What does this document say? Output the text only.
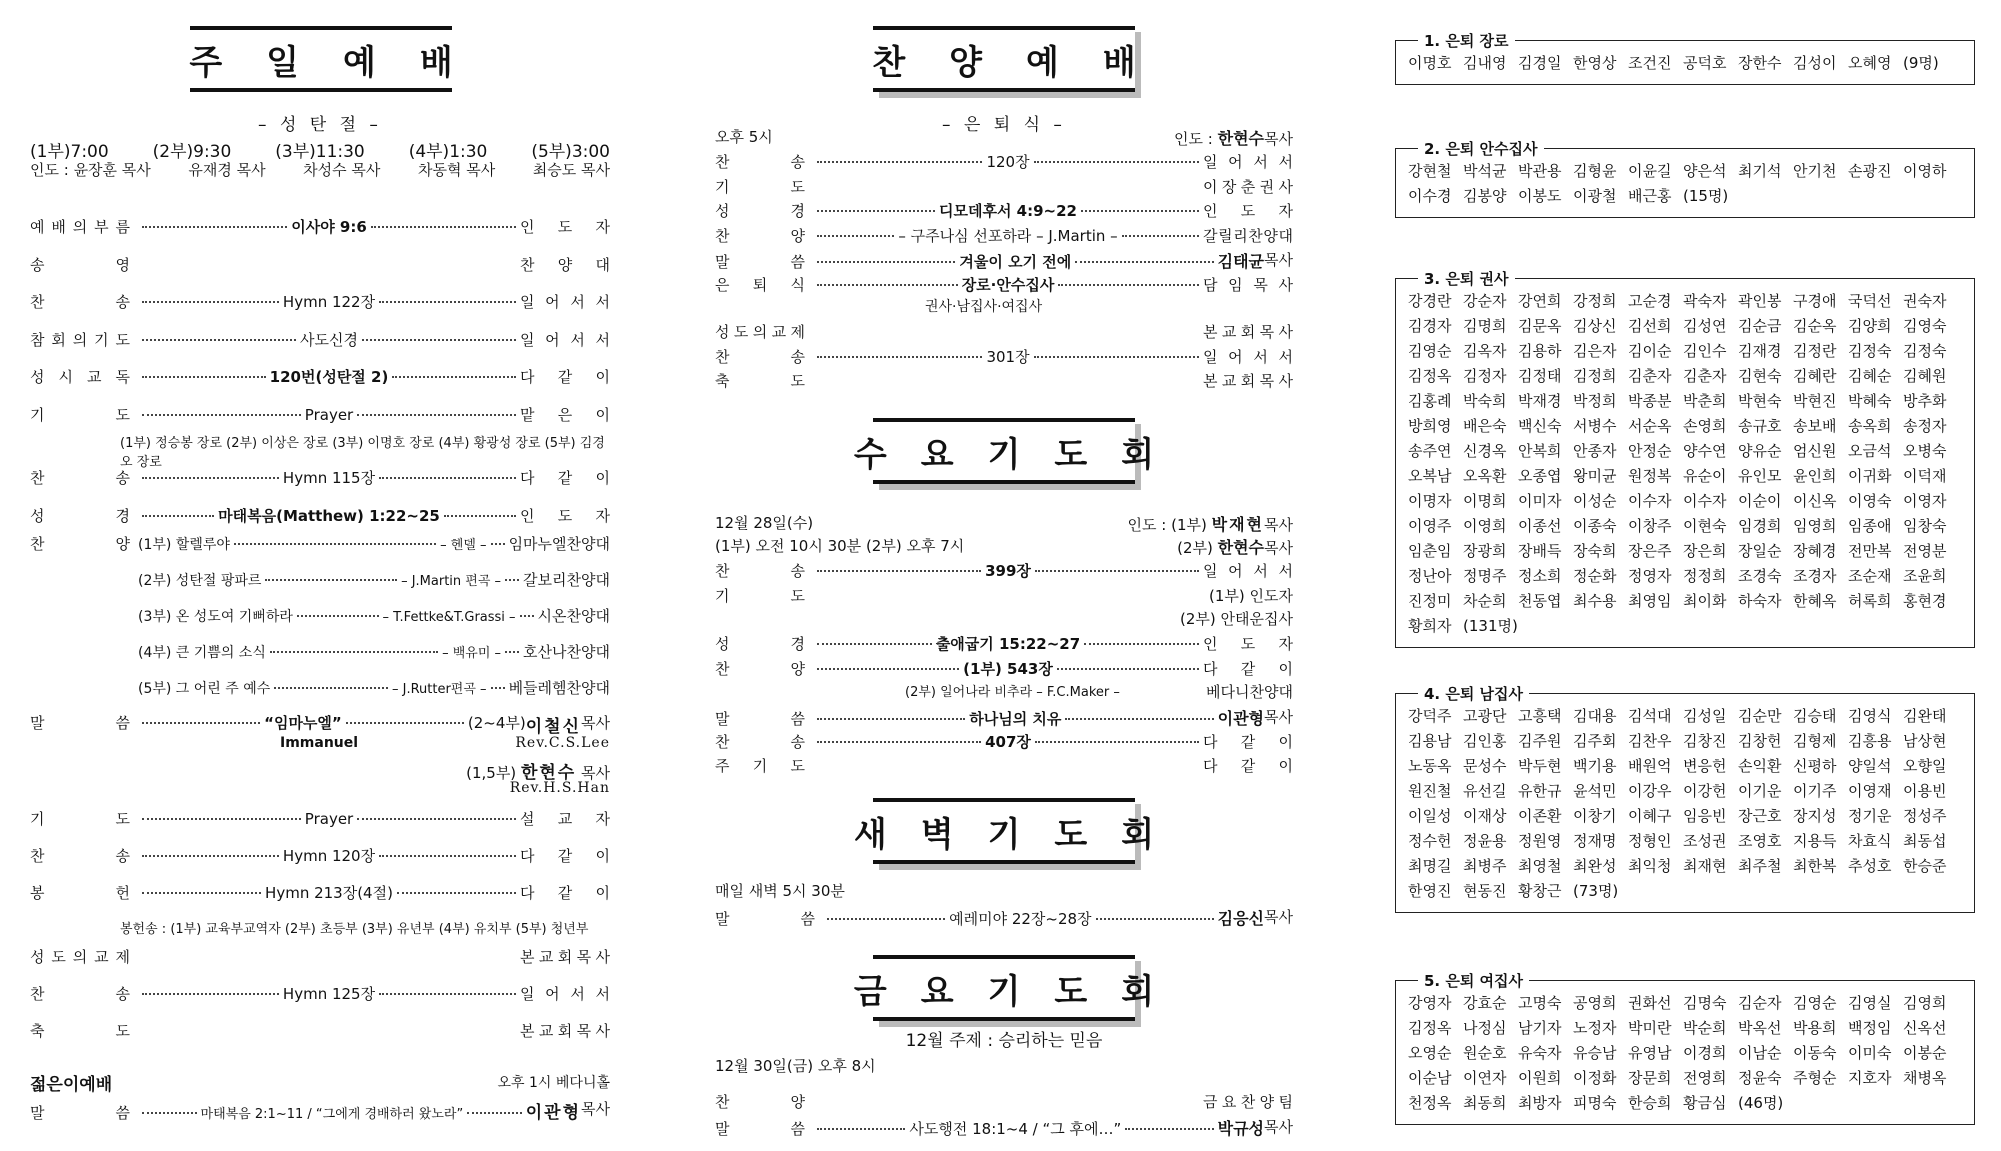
주일예배
– 성 탄 절 –
(1부)7:00	(2부)9:30	(3부)11:30	(4부)1:30	(5부)3:00
인도 : 윤장훈 목사	유재경 목사	차성수 목사	차동혁 목사	최승도 목사
예 배 의 부 름	이사야 9:6	인 도 자
송	영	찬 양 대
찬	송	Hymn 122장	일 어 서 서
참 회 의 기 도	사도신경	일 어 서 서
성 시 교 독	120번(성탄절 2)	다 같 이
기	도	Prayer	맡 은 이
찬	송	Hymn 115장	다 같 이
성	경	마태복음(Matthew) 1:22~25	인 도 자
(1부) 정승봉 장로 (2부) 이상은 장로 (3부) 이명호 장로 (4부) 황광성 장로 (5부) 김경오 장로
찬	양 (1부) 할렐루야	– 헨델 – 임마누엘찬양대
(2부) 성탄절 팡파르	– J.Martin 편곡 – 갈보리찬양대
(3부) 온 성도여 기뻐하라	– T.Fettke&T.Grassi – 시온찬양대
(4부) 큰 기쁨의 소식	– 백유미 – 호산나찬양대
(5부) 그 어린 주 예수	– J.Rutter편곡 – 베들레헴찬양대
말	씀	“임마누엘”	(2~4부) 이철신 목사
Immanuel	Rev.C.S.Lee
(1,5부) 한현수 목사
Rev.H.S.Han
기	도	Prayer	설 교 자
찬	송	Hymn 120장	다 같 이
봉	헌	Hymn 213장(4절)	다 같 이
봉헌송 : (1부) 교육부교역자 (2부) 초등부 (3부) 유년부 (4부) 유치부 (5부) 청년부
성 도 의 교 제	본 교 회 목 사
찬	송	Hymn 125장	일 어 서 서
축	도	본 교 회 목 사
젊은이예배	오후 1시 베다니홀
말	씀	마태복음 2:1~11 / “그에게 경배하러 왔노라”	이관형 목사
찬양예배
– 은 퇴 식 –
오후 5시	인도 : 한현수목사
찬	송	120장	일 어 서 서
기	도	이 장 춘 권 사
성	경	디모데후서 4:9~22	인 도 자
찬	양	– 구주나심 선포하라 – J.Martin –	갈 릴 리 찬 양 대
말	씀	겨울이 오기 전에	김태균 목사
은 퇴 식	장로·안수집사	담 임 목 사
권사·남집사·여집사
성 도 의 교 제	본 교 회 목 사
찬	송	301장	일 어 서 서
축	도	본 교 회 목 사
수요기도회
12월 28일(수)	인도 : (1부) 박재현목사
(1부) 오전 10시 30분 (2부) 오후 7시	(2부) 한현수목사
찬	송	399장	일 어 서 서
기	도	(1부) 인도자
(2부) 안태운집사
성	경	출애굽기 15:22~27	인 도 자
찬	양	(1부) 543장	다 같 이
(2부) 일어나라 비추라 – F.C.Maker –	베다니찬양대
말	씀	하나님의 치유	이관형 목사
찬	송	407장	다 같 이
주 기 도	다 같 이
새벽기도회
매일 새벽 5시 30분
말	씀	예레미야 22장~28장	김응신 목사
금요기도회
12월 주제 : 승리하는 믿음
12월 30일(금) 오후 8시
찬	양	금 요 찬 양 팀
말	씀	사도행전 18:1~4 / “그 후에…”	박규성 목사
1. 은퇴 장로
이명호 김내영 김경일 한영상 조건진 공덕호 장한수 김성이 오혜영 (9명)
2. 은퇴 안수집사
강현철 박석균 박관용 김형윤 이윤길 양은석 최기석 안기천 손광진 이영하
이수경 김봉양 이봉도 이광철 배근홍 (15명)
3. 은퇴 권사
강경란 강순자 강연희 강정희 고순경 곽숙자 곽인봉 구경애 국덕선 권숙자
김경자 김명희 김문옥 김상신 김선희 김성연 김순금 김순옥 김양희 김영숙
김영순 김옥자 김용하 김은자 김이순 김인수 김재경 김정란 김정숙 김정숙
김정옥 김정자 김정태 김정희 김춘자 김춘자 김현숙 김혜란 김혜순 김혜원
김홍례 박숙희 박재경 박정희 박종분 박춘희 박현숙 박현진 박혜숙 방추화
방희영 배은숙 백신숙 서병수 서순옥 손영희 송규호 송보배 송옥희 송정자
송주연 신경옥 안복희 안종자 안정순 양수연 양유순 엄신원 오금석 오병숙
오복남 오옥환 오종엽 왕미균 원정복 유순이 유인모 윤인희 이귀화 이덕재
이명자 이명희 이미자 이성순 이수자 이수자 이순이 이신옥 이영숙 이영자
이영주 이영희 이종선 이종숙 이창주 이현숙 임경희 임영희 임종애 임창숙
임춘임 장광희 장배득 장숙희 장은주 장은희 장일순 장혜경 전만복 전영분
정난아 정명주 정소희 정순화 정영자 정정희 조경숙 조경자 조순재 조윤희
진정미 차순희 천동엽 최수용 최영임 최이화 하숙자 한혜옥 허록희 홍현경
황희자 (131명)
4. 은퇴 남집사
강덕주 고광단 고흥택 김대용 김석대 김성일 김순만 김승태 김영식 김완태
김용남 김인홍 김주원 김주회 김찬우 김창진 김창헌 김형제 김흥용 남상현
노동옥 문성수 박두현 백기용 배원억 변응헌 손익환 신평하 양일석 오향일
원진철 유선길 유한규 윤석민 이강우 이강헌 이기운 이기주 이영재 이용빈
이일성 이재상 이존환 이창기 이혜구 임응빈 장근호 장지성 정기운 정성주
정수헌 정윤용 정원영 정재명 정형인 조성권 조영호 지용득 차효식 최동섭
최명길 최병주 최영철 최완성 최익청 최재현 최주철 최한복 추성호 한승준
한영진 현동진 황창근 (73명)
5. 은퇴 여집사
강영자 강효순 고명숙 공영희 권화선 김명숙 김순자 김영순 김영실 김영희
김정옥 나정심 남기자 노정자 박미란 박순희 박옥선 박용희 백정임 신옥선
오영순 원순호 유숙자 유승남 유영남 이경희 이남순 이동숙 이미숙 이봉순
이순남 이연자 이원희 이정화 장문희 전영희 정윤숙 주형순 지호자 채병옥
천정옥 최동희 최방자 피명숙 한승희 황금심 (46명)
